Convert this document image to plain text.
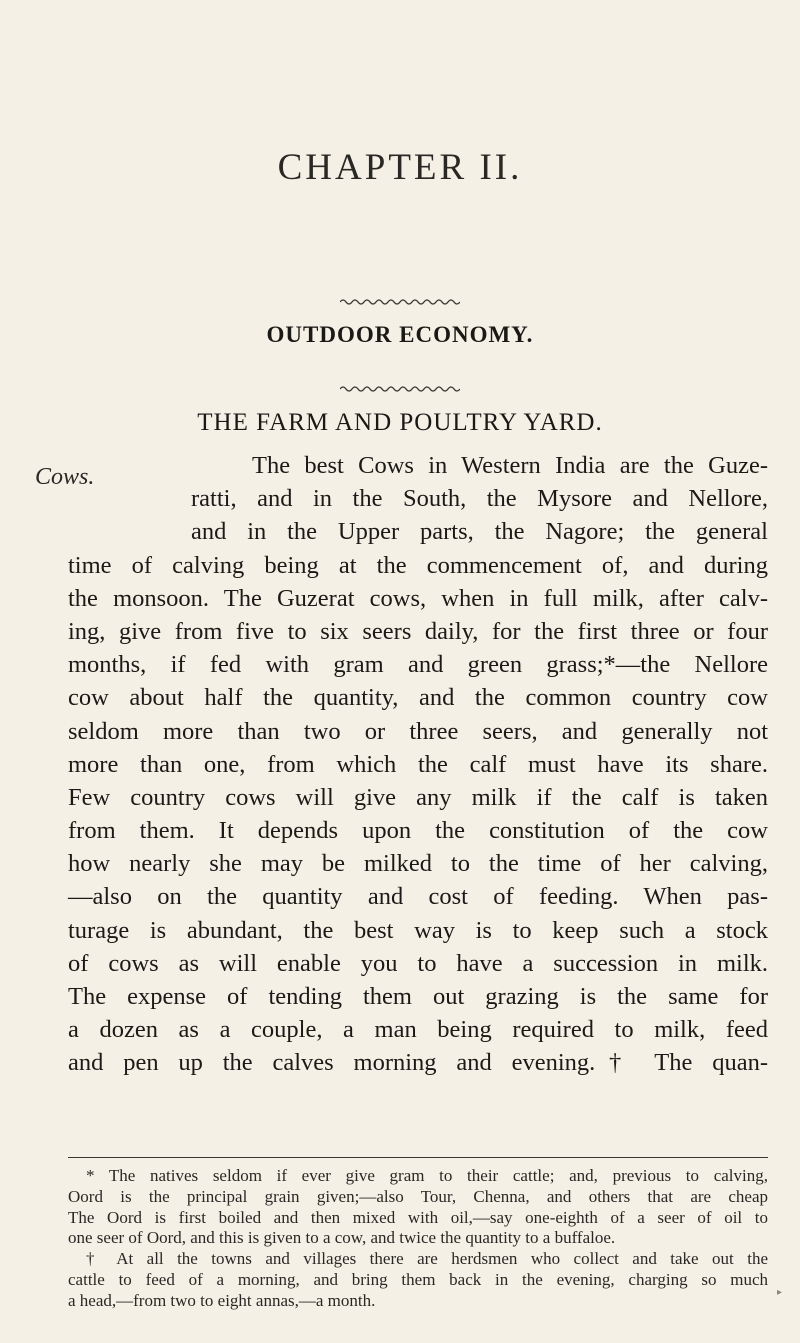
CHAPTER II.
OUTDOOR ECONOMY.
THE FARM AND POULTRY YARD.
Cows.	The best Cows in Western India are the Guze-
ratti, and in the South, the Mysore and Nellore,
and in the Upper parts, the Nagore; the general
time of calving being at the commencement of, and during
the monsoon. The Guzerat cows, when in full milk, after calv-
ing, give from five to six seers daily, for the first three or four
months, if fed with gram and green grass;*—the Nellore
cow about half the quantity, and the common country cow
seldom more than two or three seers, and generally not
more than one, from which the calf must have its share.
Few country cows will give any milk if the calf is taken
from them. It depends upon the constitution of the cow
how nearly she may be milked to the time of her calving,
—also on the quantity and cost of feeding. When pas-
turage is abundant, the best way is to keep such a stock
of cows as will enable you to have a succession in milk.
The expense of tending them out grazing is the same for
a dozen as a couple, a man being required to milk, feed
and pen up the calves morning and evening.† The quan-
* The natives seldom if ever give gram to their cattle; and, previous to calving,
Oord is the principal grain given;—also Tour, Chenna, and others that are cheap
The Oord is first boiled and then mixed with oil,—say one-eighth of a seer of oil to
one seer of Oord, and this is given to a cow, and twice the quantity to a buffaloe.
† At all the towns and villages there are herdsmen who collect and take out the
cattle to feed of a morning, and bring them back in the evening, charging so much
a head,—from two to eight annas,—a month.	▸
